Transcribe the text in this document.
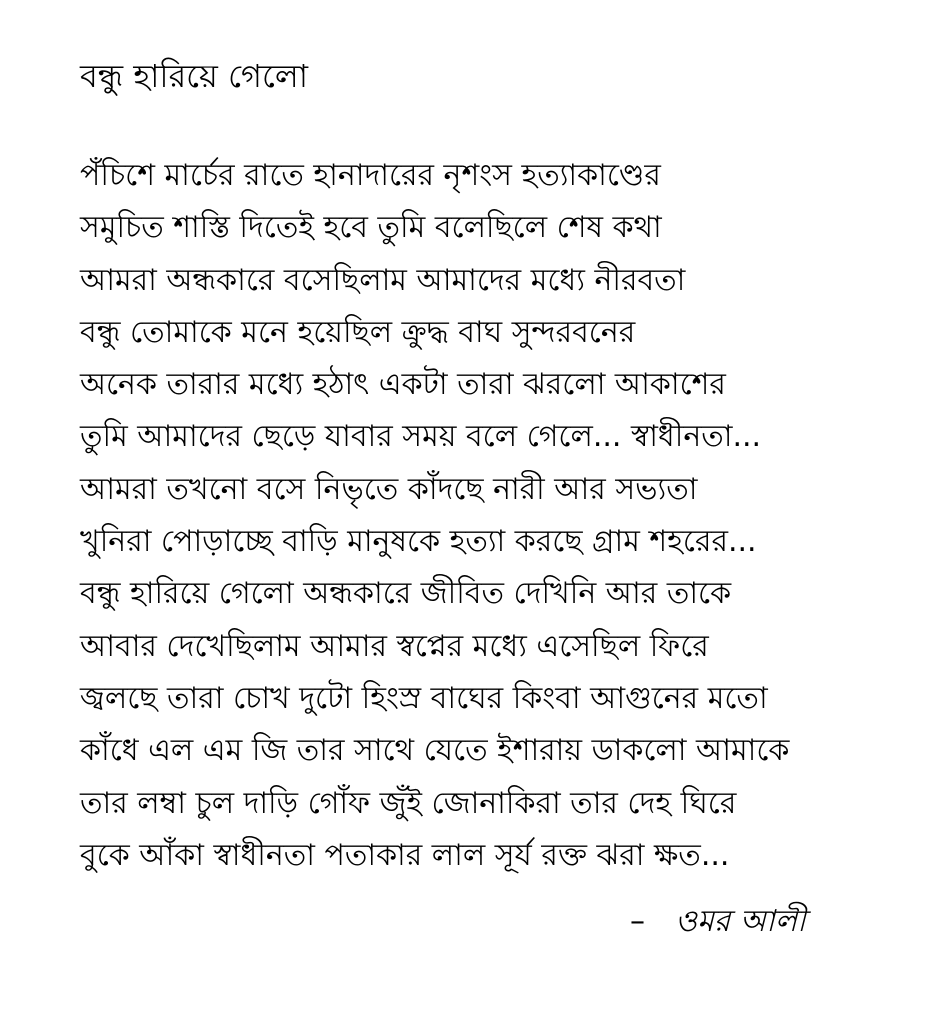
বন্ধু হারিয়ে গেলো
পঁচিশে মার্চের রাতে হানাদারের নৃশংস হত্যাকাণ্ডের
সমুচিত শাস্তি দিতেই হবে তুমি বলেছিলে শেষ কথা
আমরা অন্ধকারে বসেছিলাম আমাদের মধ্যে নীরবতা
বন্ধু তোমাকে মনে হয়েছিল ক্রুদ্ধ বাঘ সুন্দরবনের
অনেক তারার মধ্যে হঠাৎ একটা তারা ঝরলো আকাশের
তুমি আমাদের ছেড়ে যাবার সময় বলে গেলে... স্বাধীনতা...
আমরা তখনো বসে নিভৃতে কাঁদছে নারী আর সভ্যতা
খুনিরা পোড়াচ্ছে বাড়ি মানুষকে হত্যা করছে গ্রাম শহরের...
বন্ধু হারিয়ে গেলো অন্ধকারে জীবিত দেখিনি আর তাকে
আবার দেখেছিলাম আমার স্বপ্নের মধ্যে এসেছিল ফিরে
জ্বলছে তারা চোখ দুটো হিংস্র বাঘের কিংবা আগুনের মতো
কাঁধে এল এম জি তার সাথে যেতে ইশারায় ডাকলো আমাকে
তার লম্বা চুল দাড়ি গোঁফ জুঁই জোনাকিরা তার দেহ ঘিরে
বুকে আঁকা স্বাধীনতা পতাকার লাল সূর্য রক্ত ঝরা ক্ষত...
– ওমর আলী
